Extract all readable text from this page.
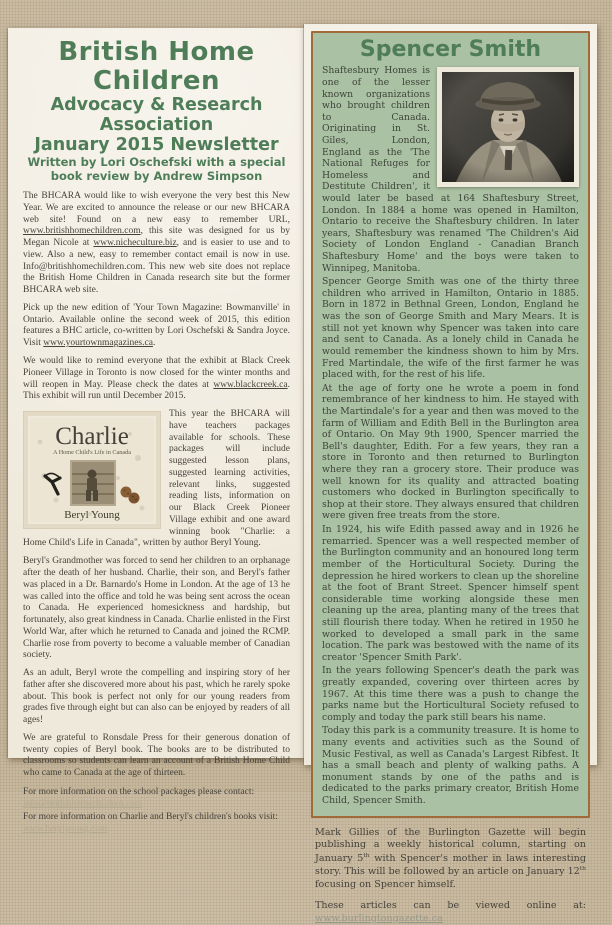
British Home Children
Advocacy & Research Association
January 2015 Newsletter
Written by Lori Oschefski with a special
book review by Andrew Simpson

The BHCARA would like to wish everyone the very best this New Year. We are excited to announce the release or our new BHCARA web site! Found on a new easy to remember URL, www.britishhomechildren.com, this site was designed for us by Megan Nicole at www.nicheculture.biz, and is easier to use and to view. Also a new, easy to remember contact email is now in use. Info@britishhomechildren.com. This new web site does not replace the British Home Children in Canada research site but the former BHCARA web site.

Pick up the new edition of 'Your Town Magazine: Bowmanville' in Ontario. Available online the second week of 2015, this edition features a BHC article, co-written by Lori Oschefski & Sandra Joyce. Visit www.yourtownmagazines.ca.

We would like to remind everyone that the exhibit at Black Creek Pioneer Village in Toronto is now closed for the winter months and will reopen in May. Please check the dates at www.blackcreek.ca. This exhibit will run until December 2015.

Charlie
A Home Child's Life in Canada
Beryl Young

This year the BHCARA will have teachers packages available for schools. These packages will include suggested lesson plans, suggested learning activities, relevant links, suggested reading lists, information on our Black Creek Pioneer Village exhibit and one award winning book "Charlie: a Home Child's Life in Canada", written by author Beryl Young.

Beryl's Grandmother was forced to send her children to an orphanage after the death of her husband. Charlie, their son, and Beryl's father was placed in a Dr. Barnardo's Home in London. At the age of 13 he was called into the office and told he was being sent across the ocean to Canada. He experienced homesickness and hardship, but fortunately, also great kindness in Canada. Charlie enlisted in the First World War, after which he returned to Canada and joined the RCMP. Charlie rose from poverty to become a valuable member of Canadian society.

As an adult, Beryl wrote the compelling and inspiring story of her father after she discovered more about his past, which he rarely spoke about. This book is perfect not only for our young readers from grades five through eight but can also can be enjoyed by readers of all ages!

We are grateful to Ronsdale Press for their generous donation of twenty copies of Beryl book. The books are to be distributed to classrooms so students can learn an account of a British Home Child who came to Canada at the age of thirteen.

For more information on the school packages please contact:
info@britishhomechildren.com
For more information on Charlie and Beryl's children's books visit:
www.berylyoung.com
Spencer Smith

Shaftesbury Homes is one of the lesser known organizations who brought children to Canada. Originating in St. Giles, London, England as the 'The National Refuges for Homeless and Destitute Children', it would later be based at 164 Shaftesbury Street, London. In 1884 a home was opened in Hamilton, Ontario to receive the Shaftesbury children. In later years, Shaftesbury was renamed 'The Children's Aid Society of London England - Canadian Branch Shaftesbury Home' and the boys were taken to Winnipeg, Manitoba.

Spencer George Smith was one of the thirty three children who arrived in Hamilton, Ontario in 1885. Born in 1872 in Bethnal Green, London, England he was the son of George Smith and Mary Mears. It is still not yet known why Spencer was taken into care and sent to Canada. As a lonely child in Canada he would remember the kindness shown to him by Mrs. Fred Martindale, the wife of the first farmer he was placed with, for the rest of his life.

At the age of forty one he wrote a poem in fond remembrance of her kindness to him. He stayed with the Martindale's for a year and then was moved to the farm of William and Edith Bell in the Burlington area of Ontario. On May 9th 1900, Spencer married the Bell's daughter, Edith. For a few years, they ran a store in Toronto and then returned to Burlington where they ran a grocery store. Their produce was well known for its quality and attracted boating customers who docked in Burlington specifically to shop at their store. They always ensured that children were given free treats from the store.

In 1924, his wife Edith passed away and in 1926 he remarried. Spencer was a well respected member of the Burlington community and an honoured long term member of the Horticultural Society. During the depression he hired workers to clean up the shoreline at the foot of Brant Street. Spencer himself spent considerable time working alongside these men cleaning up the area, planting many of the trees that still flourish there today. When he retired in 1950 he worked to developed a small park in the same location. The park was bestowed with the name of its creator 'Spencer Smith Park'.

In the years following Spencer's death the park was greatly expanded, covering over thirteen acres by 1967. At this time there was a push to change the parks name but the Horticultural Society refused to comply and today the park still bears his name.

Today this park is a community treasure. It is home to many events and activities such as the Sound of Music Festival, as well as Canada's Largest Ribfest. It has a small beach and plenty of walking paths. A monument stands by one of the paths and is dedicated to the parks primary creator, British Home Child, Spencer Smith.

Mark Gillies of the Burlington Gazette will begin publishing a weekly historical column, starting on January 5th with Spencer's mother in laws interesting story. This will be followed by an article on January 12th focusing on Spencer himself.

These articles can be viewed online at: www.burlingtongazette.ca
